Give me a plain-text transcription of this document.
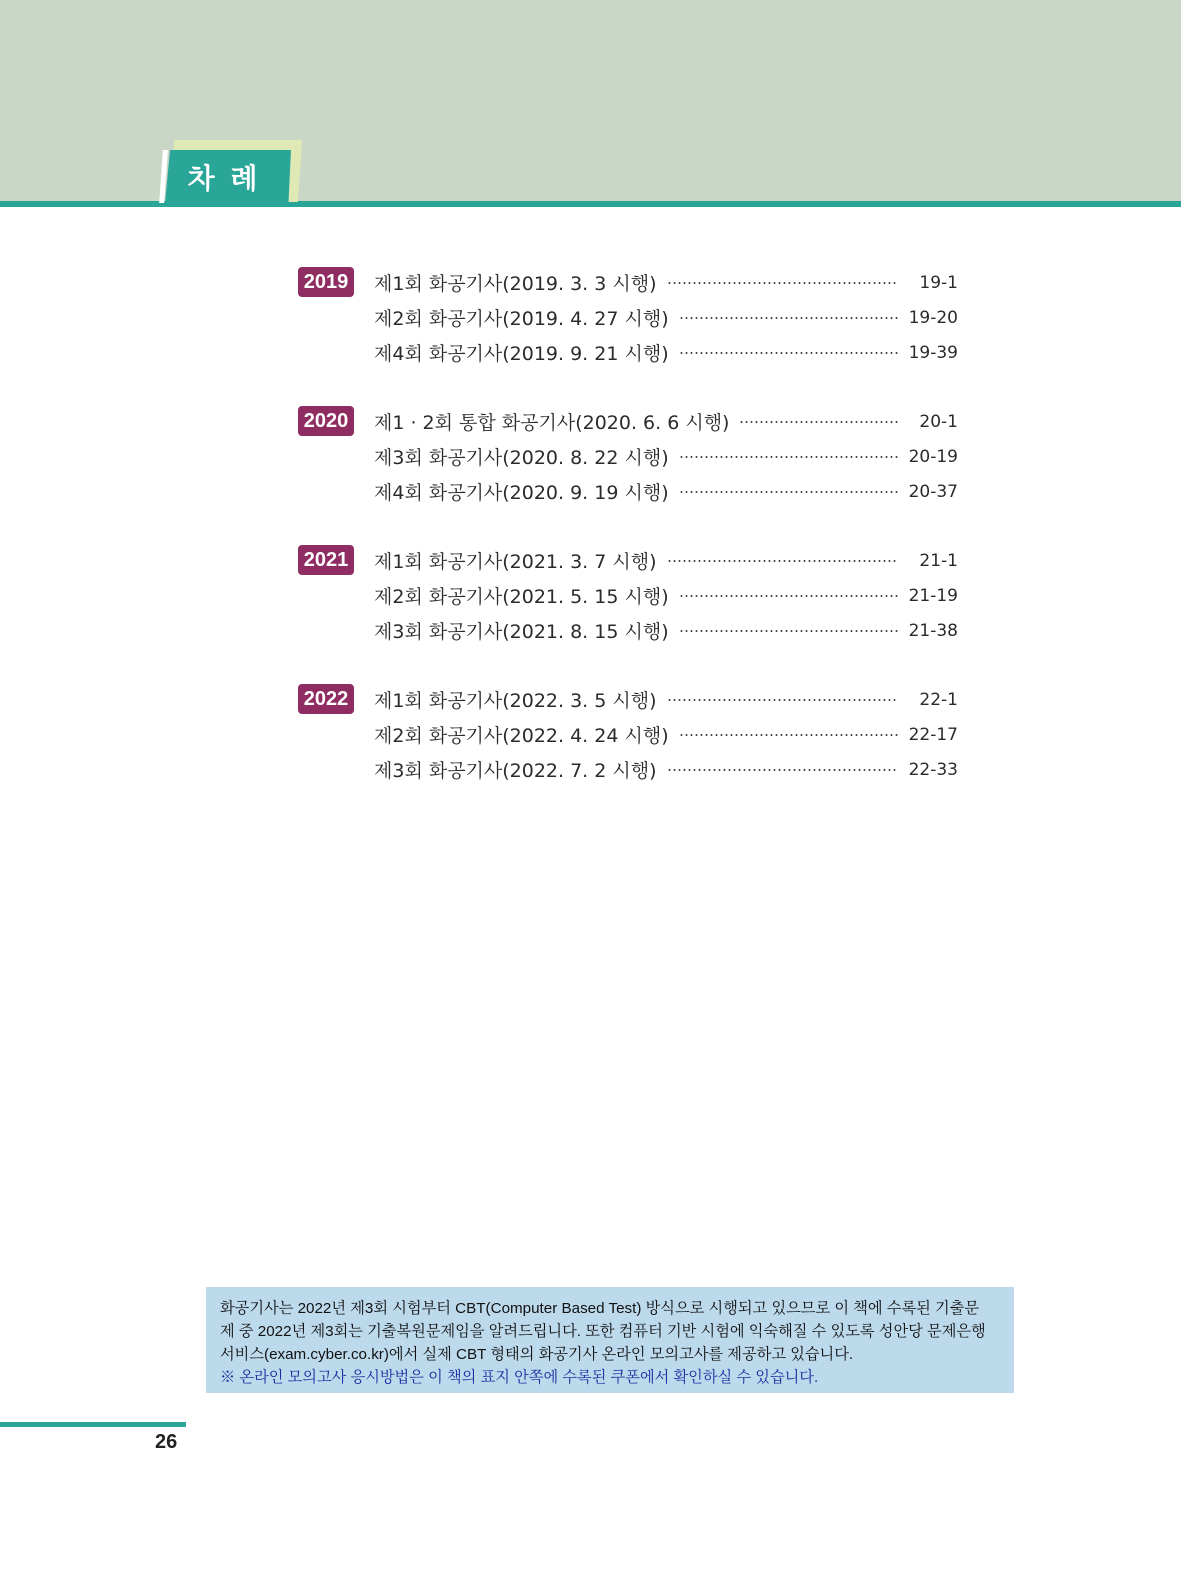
차 례
2019	제1회 화공기사(2019. 3. 3 시행)	19-1
제2회 화공기사(2019. 4. 27 시행)	19-20
제4회 화공기사(2019. 9. 21 시행)	19-39
2020	제1 · 2회 통합 화공기사(2020. 6. 6 시행)	20-1
제3회 화공기사(2020. 8. 22 시행)	20-19
제4회 화공기사(2020. 9. 19 시행)	20-37
2021	제1회 화공기사(2021. 3. 7 시행)	21-1
제2회 화공기사(2021. 5. 15 시행)	21-19
제3회 화공기사(2021. 8. 15 시행)	21-38
2022	제1회 화공기사(2022. 3. 5 시행)	22-1
제2회 화공기사(2022. 4. 24 시행)	22-17
제3회 화공기사(2022. 7. 2 시행)	22-33
화공기사는 2022년 제3회 시험부터 CBT(Computer Based Test) 방식으로 시행되고 있으므로 이 책에 수록된 기출문
제 중 2022년 제3회는 기출복원문제임을 알려드립니다. 또한 컴퓨터 기반 시험에 익숙해질 수 있도록 성안당 문제은행
서비스(exam.cyber.co.kr)에서 실제 CBT 형태의 화공기사 온라인 모의고사를 제공하고 있습니다.
※ 온라인 모의고사 응시방법은 이 책의 표지 안쪽에 수록된 쿠폰에서 확인하실 수 있습니다.
26
